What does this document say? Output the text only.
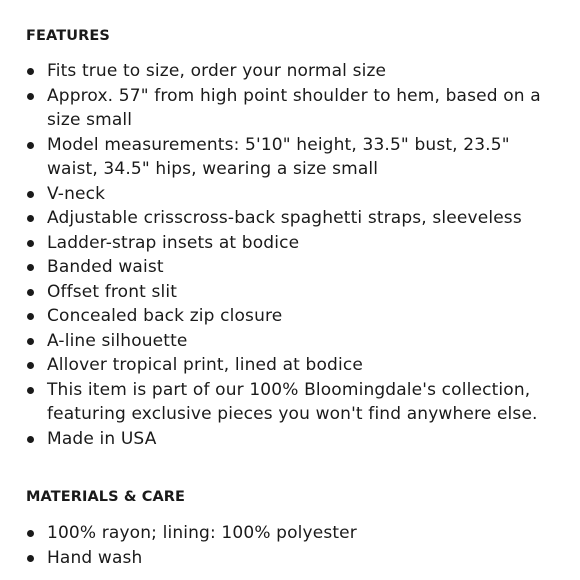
FEATURES
Fits true to size, order your normal size
Approx. 57" from high point shoulder to hem, based on a size small
Model measurements: 5'10" height, 33.5" bust, 23.5" waist, 34.5" hips, wearing a size small
V-neck
Adjustable crisscross-back spaghetti straps, sleeveless
Ladder-strap insets at bodice
Banded waist
Offset front slit
Concealed back zip closure
A-line silhouette
Allover tropical print, lined at bodice
This item is part of our 100% Bloomingdale's collection, featuring exclusive pieces you won't find anywhere else.
Made in USA
MATERIALS & CARE
100% rayon; lining: 100% polyester
Hand wash
